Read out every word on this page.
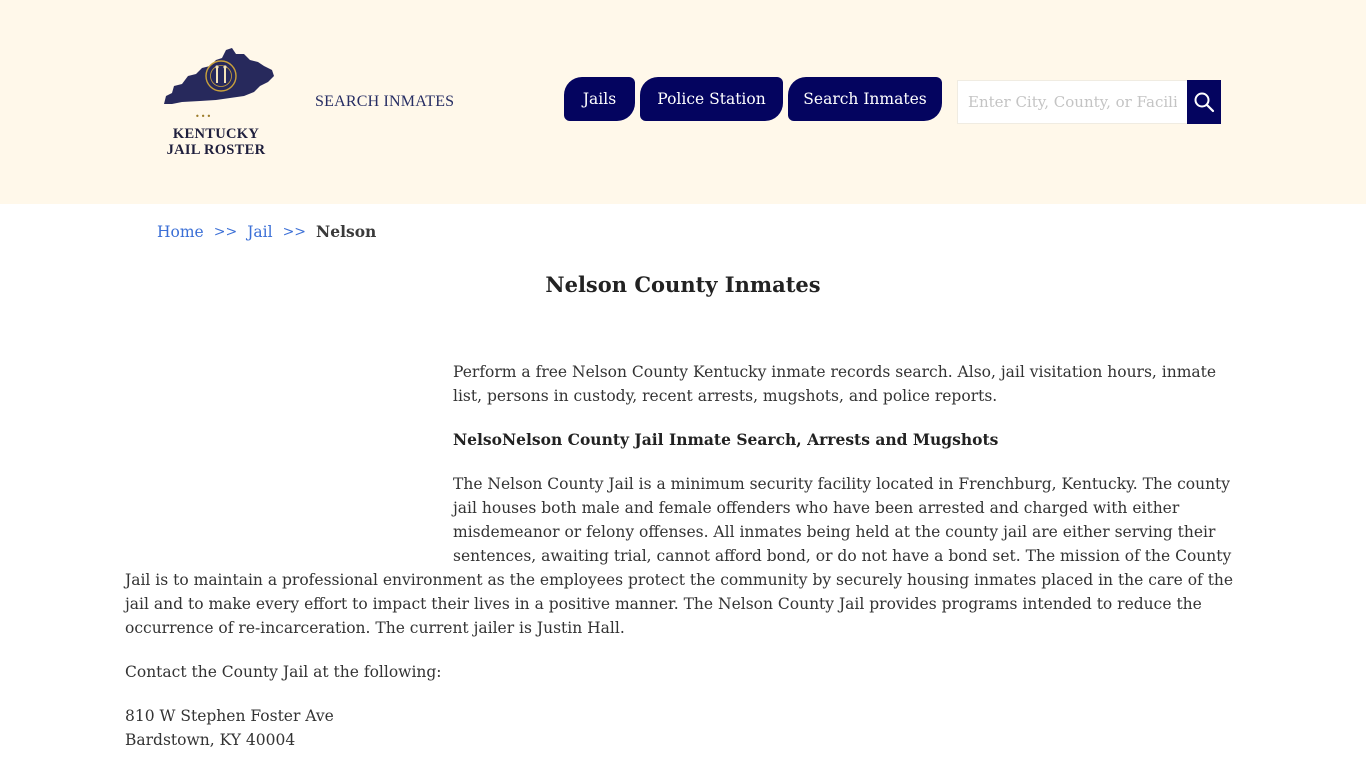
•••
KENTUCKY
JAIL ROSTER
SEARCH INMATES	Jails	Police Station	Search Inmates
Enter City, County, or Facility
Home >> Jail >> Nelson
Nelson County Inmates

Perform a free Nelson County Kentucky inmate records search. Also, jail visitation hours, inmate list, persons in custody, recent arrests, mugshots, and police reports.

NelsoNelson County Jail Inmate Search, Arrests and Mugshots

The Nelson County Jail is a minimum security facility located in Frenchburg, Kentucky. The county jail houses both male and female offenders who have been arrested and charged with either misdemeanor or felony offenses. All inmates being held at the county jail are either serving their sentences, awaiting trial, cannot afford bond, or do not have a bond set. The mission of the County Jail is to maintain a professional environment as the employees protect the community by securely housing inmates placed in the care of the jail and to make every effort to impact their lives in a positive manner. The Nelson County Jail provides programs intended to reduce the occurrence of re-incarceration. The current jailer is Justin Hall.

Contact the County Jail at the following:

810 W Stephen Foster Ave

Bardstown, KY 40004
